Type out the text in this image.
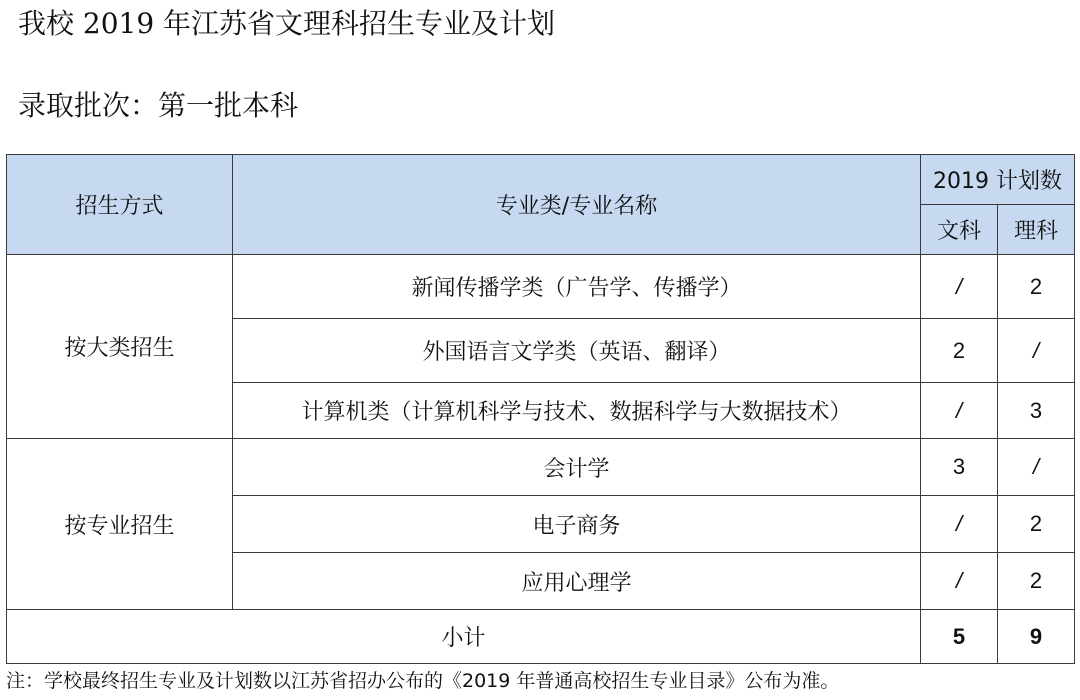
我校 2019 年江苏省文理科招生专业及计划
录取批次：第一批本科
招生方式	专业类/专业名称	2019 计划数	
		文科	理科
按大类招生	新闻传播学类（广告学、传播学）	/	2
	外国语言文学类（英语、翻译）	2	/
	计算机类（计算机科学与技术、数据科学与大数据技术）	/	3
按专业招生	会计学	3	/
	电子商务	/	2
	应用心理学	/	2
小计		5	9
注：学校最终招生专业及计划数以江苏省招办公布的《2019 年普通高校招生专业目录》公布为准。
